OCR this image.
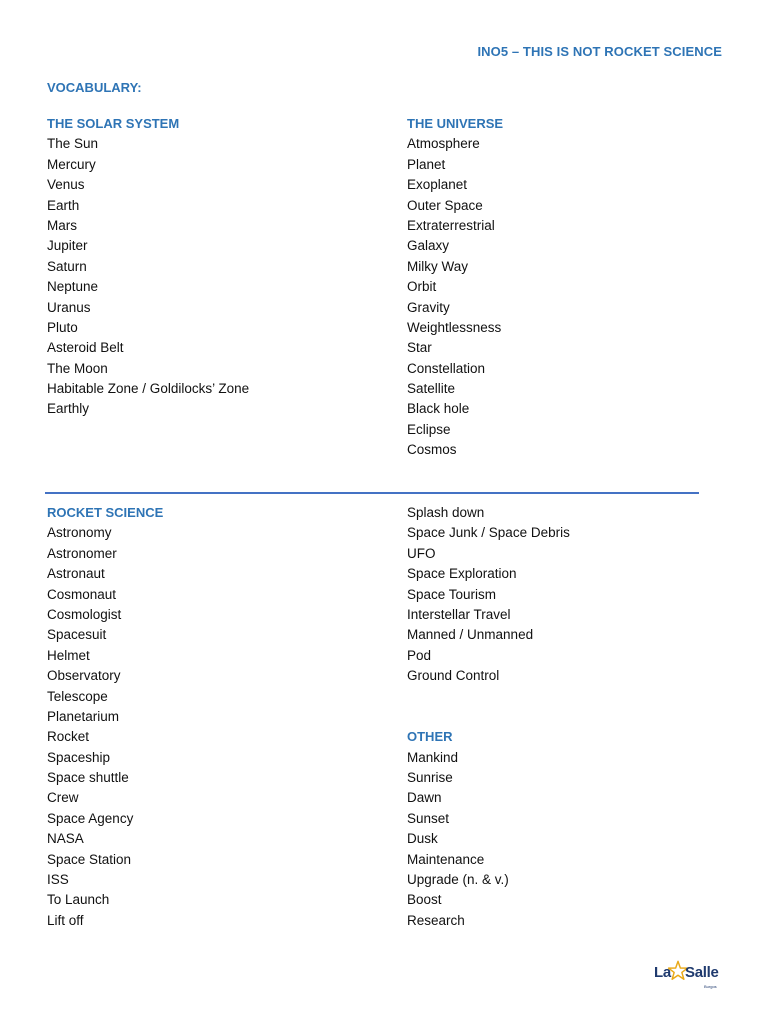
INO5 – THIS IS NOT ROCKET SCIENCE
VOCABULARY:
THE SOLAR SYSTEM
The Sun
Mercury
Venus
Earth
Mars
Jupiter
Saturn
Neptune
Uranus
Pluto
Asteroid Belt
The Moon
Habitable Zone / Goldilocks’ Zone
Earthly
THE UNIVERSE
Atmosphere
Planet
Exoplanet
Outer Space
Extraterrestrial
Galaxy
Milky Way
Orbit
Gravity
Weightlessness
Star
Constellation
Satellite
Black hole
Eclipse
Cosmos
ROCKET SCIENCE
Astronomy
Astronomer
Astronaut
Cosmonaut
Cosmologist
Spacesuit
Helmet
Observatory
Telescope
Planetarium
Rocket
Spaceship
Space shuttle
Crew
Space Agency
NASA
Space Station
ISS
To Launch
Lift off
Splash down
Space Junk / Space Debris
UFO
Space Exploration
Space Tourism
Interstellar Travel
Manned / Unmanned
Pod
Ground Control
OTHER
Mankind
Sunrise
Dawn
Sunset
Dusk
Maintenance
Upgrade (n. & v.)
Boost
Research
La Salle
Burgos
